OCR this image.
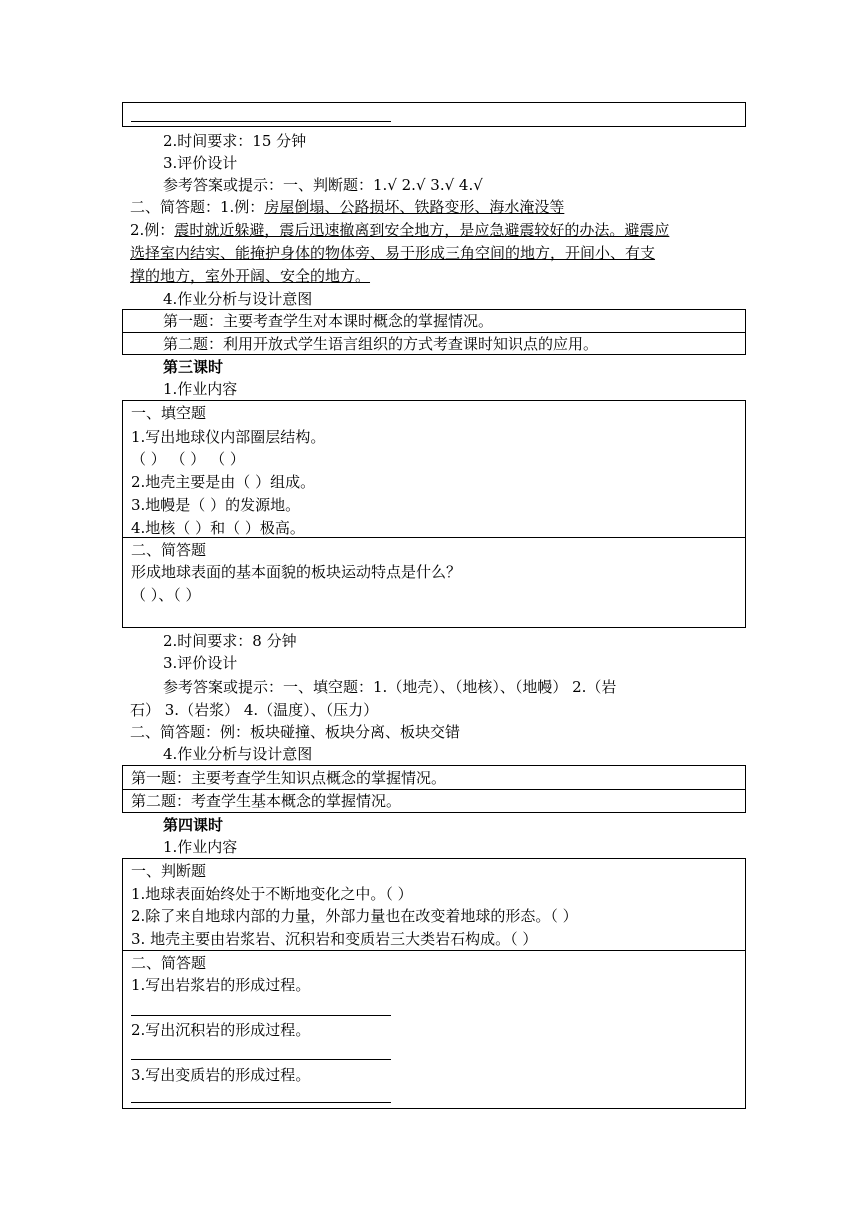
2.时间要求：15 分钟
3.评价设计
参考答案或提示：一、判断题：1.√ 2.√ 3.√ 4.√
二、简答题：1.例：房屋倒塌、公路损坏、铁路变形、海水淹没等
2.例：震时就近躲避，震后迅速撤离到安全地方，是应急避震较好的办法。避震应
选择室内结实、能掩护身体的物体旁、易于形成三角空间的地方，开间小、有支
撑的地方，室外开阔、安全的地方。
4.作业分析与设计意图
第一题：主要考查学生对本课时概念的掌握情况。
第二题：利用开放式学生语言组织的方式考查课时知识点的应用。
第三课时
1.作业内容
一、填空题
1.写出地球仪内部圈层结构。
（ ） （ ） （ ）
2.地壳主要是由（ ）组成。
3.地幔是（ ）的发源地。
4.地核（ ）和（ ）极高。
二、简答题
形成地球表面的基本面貌的板块运动特点是什么？
（ ）、（ ）
2.时间要求：8 分钟
3.评价设计
参考答案或提示：一、填空题：1.（地壳）、（地核）、（地幔） 2.（岩
石） 3.（岩浆） 4.（温度）、（压力）
二、简答题：例：板块碰撞、板块分离、板块交错
4.作业分析与设计意图
第一题：主要考查学生知识点概念的掌握情况。
第二题：考查学生基本概念的掌握情况。
第四课时
1.作业内容
一、判断题
1.地球表面始终处于不断地变化之中。（ ）
2.除了来自地球内部的力量，外部力量也在改变着地球的形态。（ ）
3. 地壳主要由岩浆岩、沉积岩和变质岩三大类岩石构成。（ ）
二、简答题
1.写出岩浆岩的形成过程。
2.写出沉积岩的形成过程。
3.写出变质岩的形成过程。
